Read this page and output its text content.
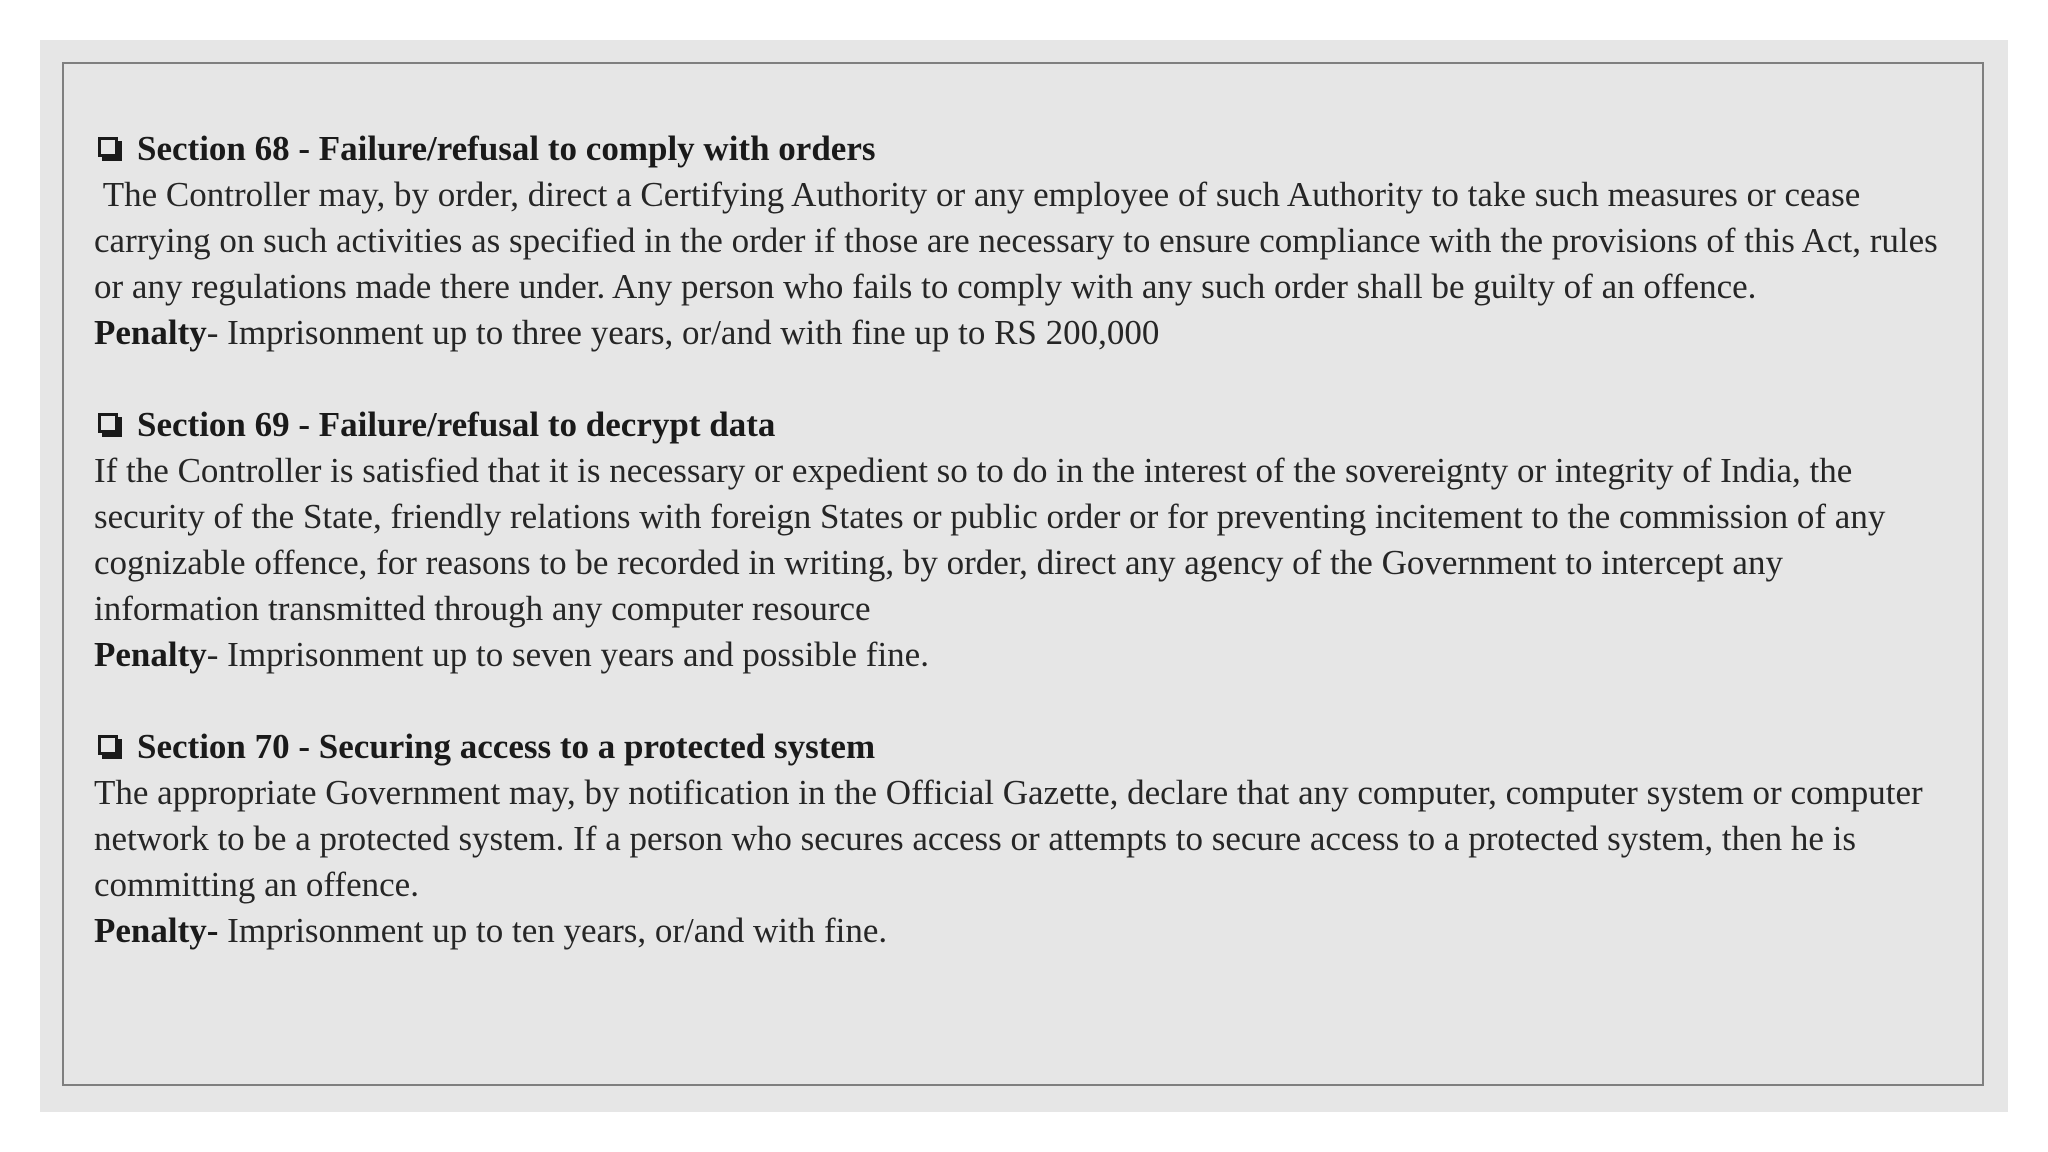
Section 68 - Failure/refusal to comply with orders

The Controller may, by order, direct a Certifying Authority or any employee of such Authority to take such measures or cease carrying on such activities as specified in the order if those are necessary to ensure compliance with the provisions of this Act, rules or any regulations made there under. Any person who fails to comply with any such order shall be guilty of an offence.

Penalty- Imprisonment up to three years, or/and with fine up to RS 200,000

Section 69 - Failure/refusal to decrypt data

If the Controller is satisfied that it is necessary or expedient so to do in the interest of the sovereignty or integrity of India, the security of the State, friendly relations with foreign States or public order or for preventing incitement to the commission of any cognizable offence, for reasons to be recorded in writing, by order, direct any agency of the Government to intercept any information transmitted through any computer resource

Penalty- Imprisonment up to seven years and possible fine.

Section 70 - Securing access to a protected system

The appropriate Government may, by notification in the Official Gazette, declare that any computer, computer system or computer network to be a protected system. If a person who secures access or attempts to secure access to a protected system, then he is committing an offence.

Penalty- Imprisonment up to ten years, or/and with fine.
